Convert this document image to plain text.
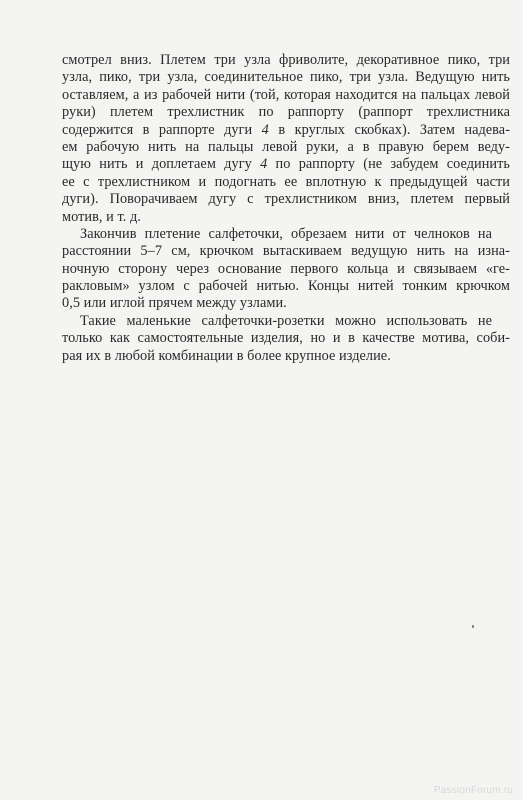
смотрел вниз. Плетем три узла фриволите, декоративное пико, три
узла, пико, три узла, соединительное пико, три узла. Ведущую нить
оставляем, а из рабочей нити (той, которая находится на пальцах левой
руки) плетем трехлистник по раппорту (раппорт трехлистника
содержится в раппорте дуги 4 в круглых скобках). Затем надева-
ем рабочую нить на пальцы левой руки, а в правую берем веду-
щую нить и доплетаем дугу 4 по раппорту (не забудем соединить
ее с трехлистником и подогнать ее вплотную к предыдущей части
дуги). Поворачиваем дугу с трехлистником вниз, плетем первый
мотив, и т. д.
Закончив плетение салфеточки, обрезаем нити от челноков на
расстоянии 5–7 см, крючком вытаскиваем ведущую нить на изна-
ночную сторону через основание первого кольца и связываем «ге-
ракловым» узлом с рабочей нитью. Концы нитей тонким крючком
0,5 или иглой прячем между узлами.
Такие маленькие салфеточки-розетки можно использовать не
только как самостоятельные изделия, но и в качестве мотива, соби-
рая их в любой комбинации в более крупное изделие.
PassionForum.ru
